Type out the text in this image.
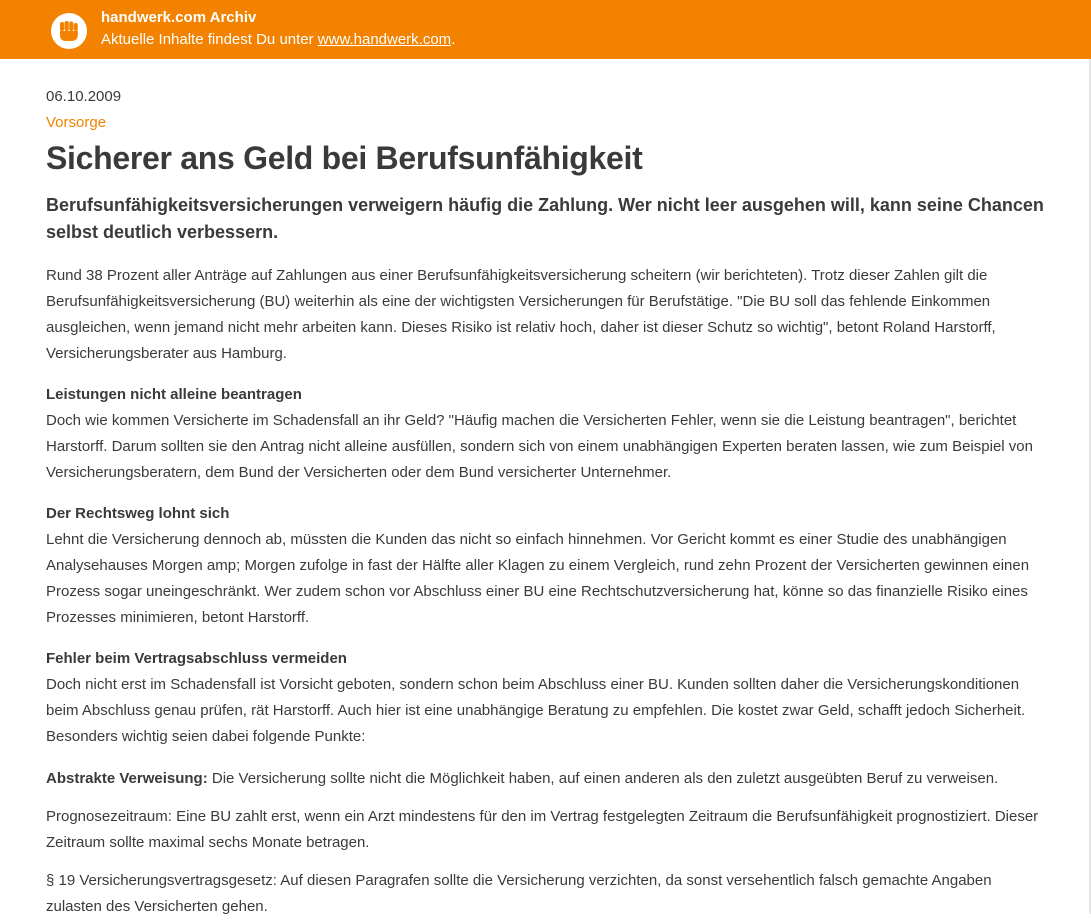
handwerk.com Archiv
Aktuelle Inhalte findest Du unter www.handwerk.com.
06.10.2009
Vorsorge
Sicherer ans Geld bei Berufsunfähigkeit

Berufsunfähigkeitsversicherungen verweigern häufig die Zahlung. Wer nicht leer ausgehen will, kann seine Chancen selbst deutlich verbessern.

Rund 38 Prozent aller Anträge auf Zahlungen aus einer Berufsunfähigkeitsversicherung scheitern (wir berichteten). Trotz dieser Zahlen gilt die Berufsunfähigkeitsversicherung (BU) weiterhin als eine der wichtigsten Versicherungen für Berufstätige. "Die BU soll das fehlende Einkommen ausgleichen, wenn jemand nicht mehr arbeiten kann. Dieses Risiko ist relativ hoch, daher ist dieser Schutz so wichtig", betont Roland Harstorff, Versicherungsberater aus Hamburg.

Leistungen nicht alleine beantragen

Doch wie kommen Versicherte im Schadensfall an ihr Geld? "Häufig machen die Versicherten Fehler, wenn sie die Leistung beantragen", berichtet Harstorff. Darum sollten sie den Antrag nicht alleine ausfüllen, sondern sich von einem unabhängigen Experten beraten lassen, wie zum Beispiel von Versicherungsberatern, dem Bund der Versicherten oder dem Bund versicherter Unternehmer.

Der Rechtsweg lohnt sich

Lehnt die Versicherung dennoch ab, müssten die Kunden das nicht so einfach hinnehmen. Vor Gericht kommt es einer Studie des unabhängigen Analysehauses Morgen amp; Morgen zufolge in fast der Hälfte aller Klagen zu einem Vergleich, rund zehn Prozent der Versicherten gewinnen einen Prozess sogar uneingeschränkt. Wer zudem schon vor Abschluss einer BU eine Rechtschutzversicherung hat, könne so das finanzielle Risiko eines Prozesses minimieren, betont Harstorff.

Fehler beim Vertragsabschluss vermeiden

Doch nicht erst im Schadensfall ist Vorsicht geboten, sondern schon beim Abschluss einer BU. Kunden sollten daher die Versicherungskonditionen beim Abschluss genau prüfen, rät Harstorff. Auch hier ist eine unabhängige Beratung zu empfehlen. Die kostet zwar Geld, schafft jedoch Sicherheit. Besonders wichtig seien dabei folgende Punkte:

Abstrakte Verweisung: Die Versicherung sollte nicht die Möglichkeit haben, auf einen anderen als den zuletzt ausgeübten Beruf zu verweisen.

Prognosezeitraum: Eine BU zahlt erst, wenn ein Arzt mindestens für den im Vertrag festgelegten Zeitraum die Berufsunfähigkeit prognostiziert. Dieser Zeitraum sollte maximal sechs Monate betragen.

§ 19 Versicherungsvertragsgesetz: Auf diesen Paragrafen sollte die Versicherung verzichten, da sonst versehentlich falsch gemachte Angaben zulasten des Versicherten gehen.
